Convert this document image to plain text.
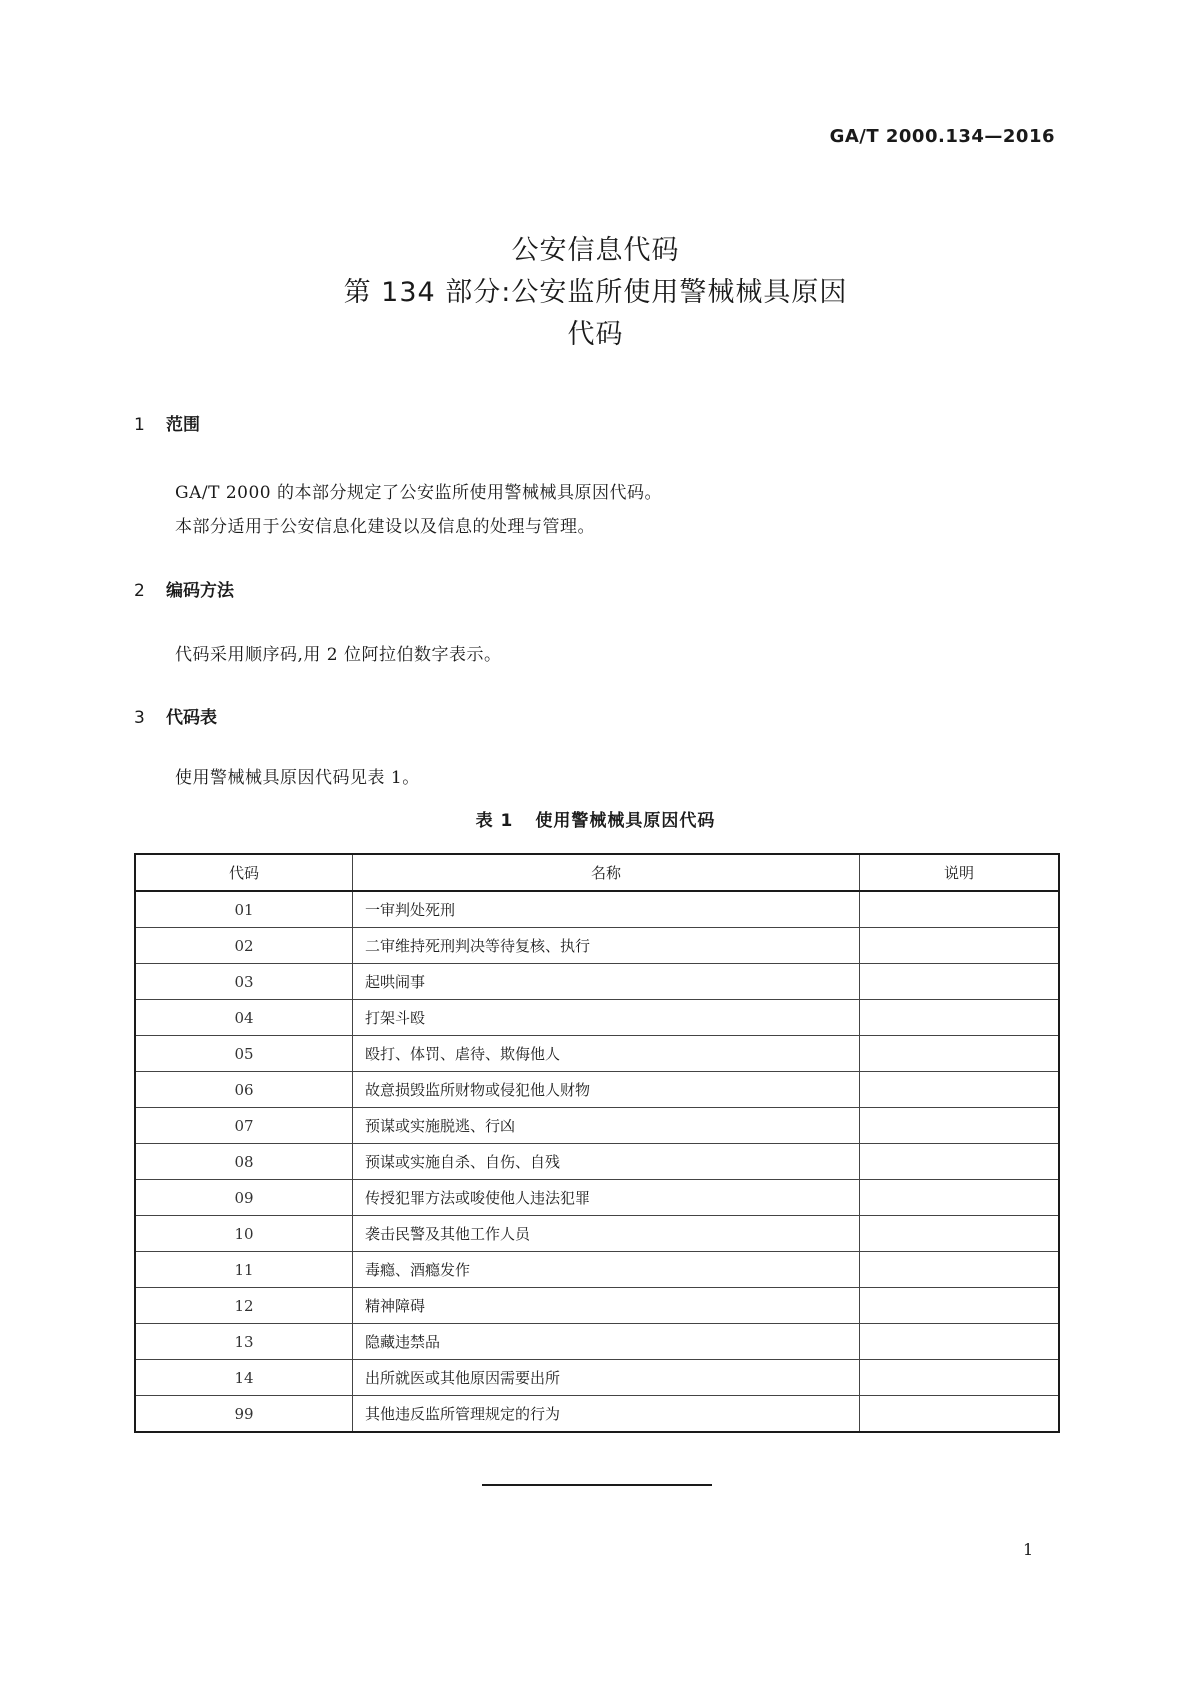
GA/T 2000.134—2016
公安信息代码
第 134 部分:公安监所使用警械械具原因
代码
1 范围
GA/T 2000 的本部分规定了公安监所使用警械械具原因代码。
本部分适用于公安信息化建设以及信息的处理与管理。
2 编码方法
代码采用顺序码,用 2 位阿拉伯数字表示。
3 代码表
使用警械械具原因代码见表 1。
表 1 使用警械械具原因代码
代码	名称	说明
01	一审判处死刑	
02	二审维持死刑判决等待复核、执行	
03	起哄闹事	
04	打架斗殴	
05	殴打、体罚、虐待、欺侮他人	
06	故意损毁监所财物或侵犯他人财物	
07	预谋或实施脱逃、行凶	
08	预谋或实施自杀、自伤、自残	
09	传授犯罪方法或唆使他人违法犯罪	
10	袭击民警及其他工作人员	
11	毒瘾、酒瘾发作	
12	精神障碍	
13	隐藏违禁品	
14	出所就医或其他原因需要出所	
99	其他违反监所管理规定的行为	
1
